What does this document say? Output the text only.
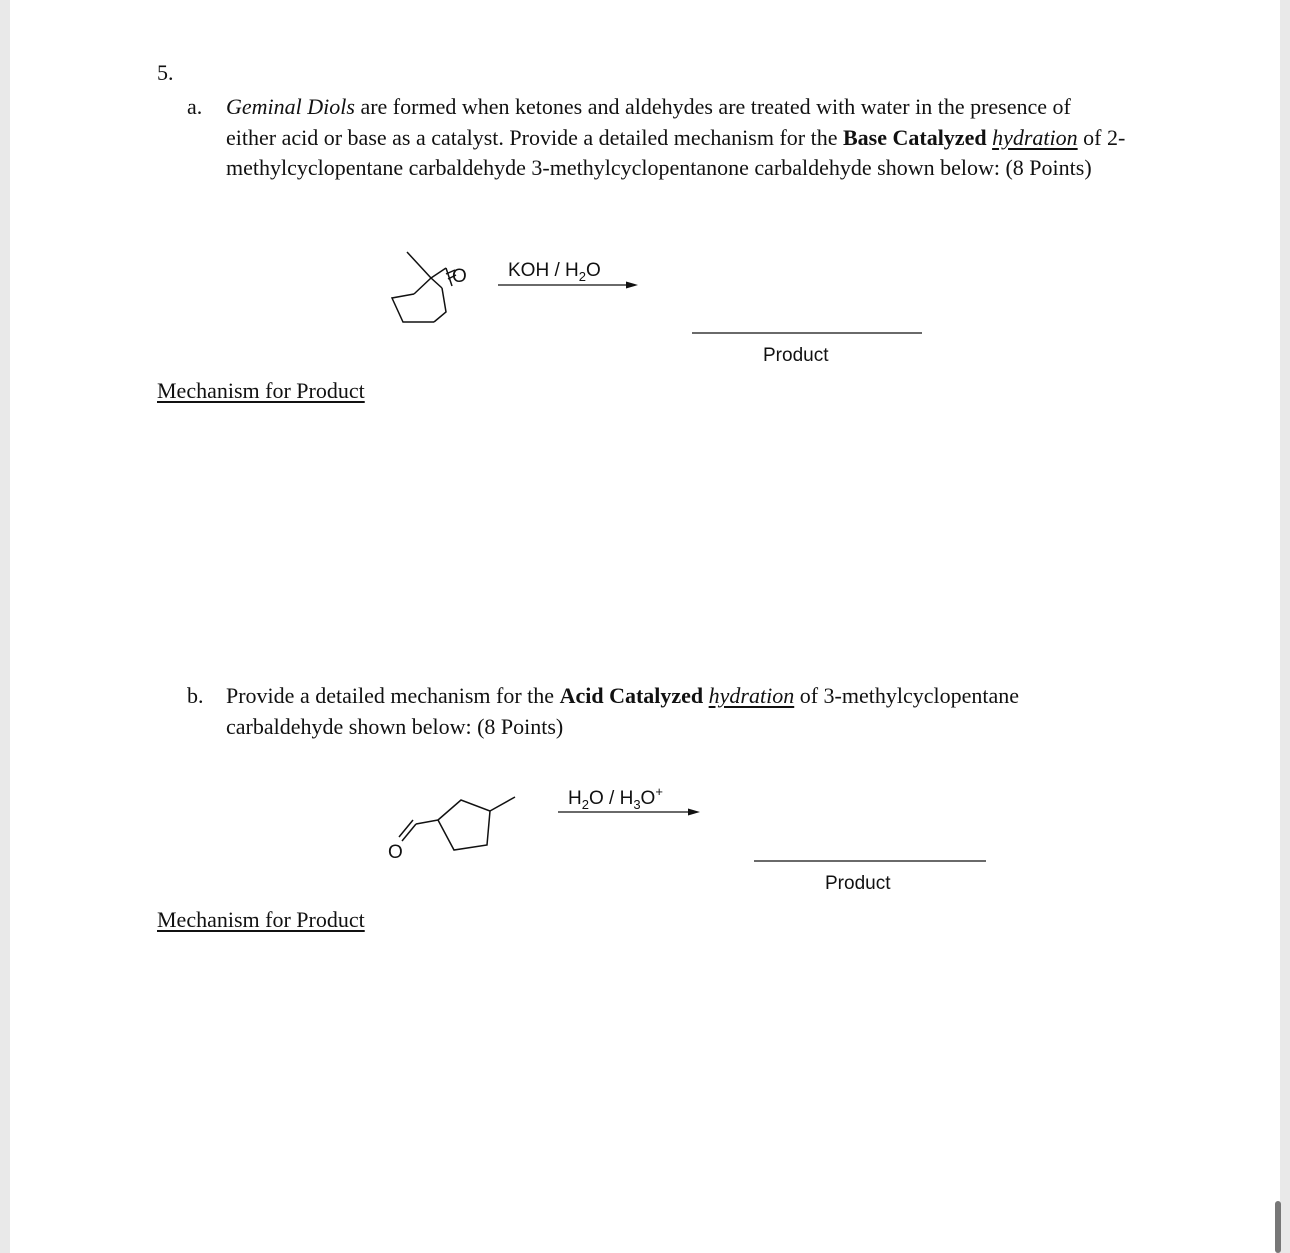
5.
a. Geminal Diols are formed when ketones and aldehydes are treated with water in the presence of either acid or base as a catalyst. Provide a detailed mechanism for the Base Catalyzed hydration of 2-methylcyclopentane carbaldehyde 3-methylcyclopentanone carbaldehyde shown below: (8 Points)
O KOH / $H_2O$
Product
Mechanism for Product
b. Provide a detailed mechanism for the Acid Catalyzed hydration of 3-methylcyclopentane carbaldehyde shown below: (8 Points)
O
$H_2O / H_3O^+$
Product
Mechanism for Product
